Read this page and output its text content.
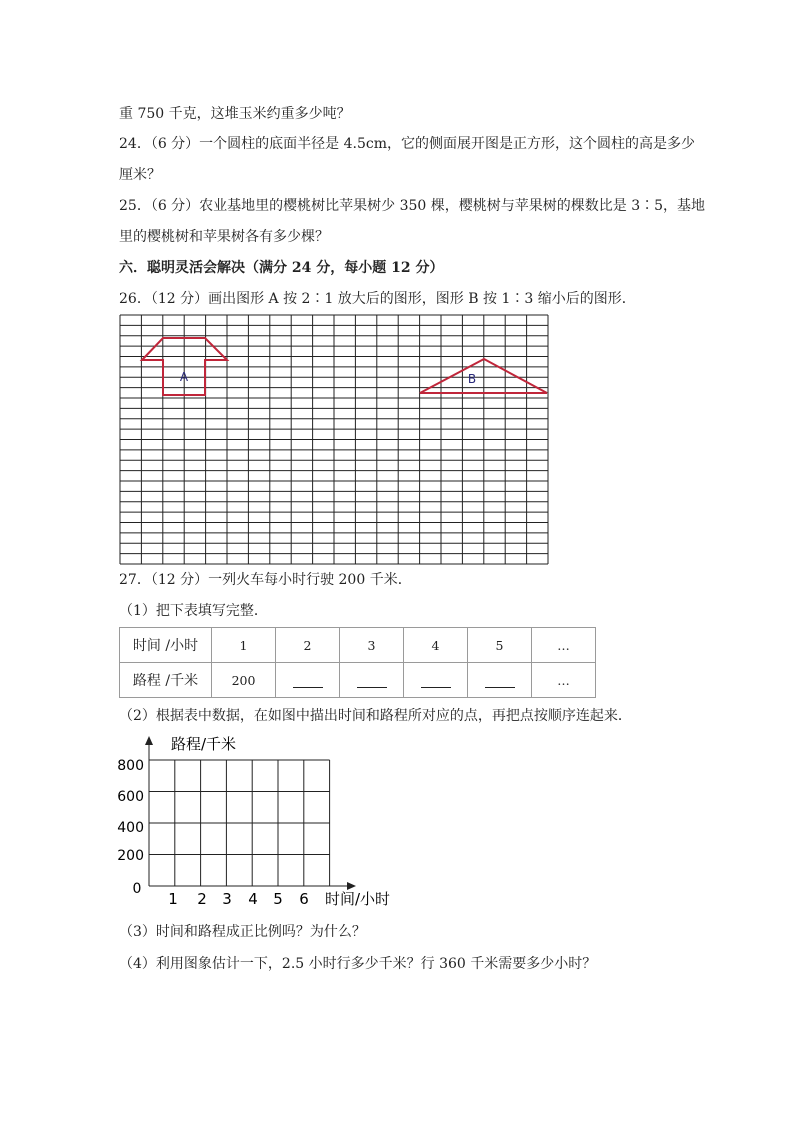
重 750 千克，这堆玉米约重多少吨？
24．（6 分）一个圆柱的底面半径是 4.5cm，它的侧面展开图是正方形，这个圆柱的高是多少
厘米？
25．（6 分）农业基地里的樱桃树比苹果树少 350 棵，樱桃树与苹果树的棵数比是 3∶5，基地
里的樱桃树和苹果树各有多少棵？
六．聪明灵活会解决（满分 24 分，每小题 12 分）
26．（12 分）画出图形 A 按 2∶1 放大后的图形，图形 B 按 1∶3 缩小后的图形．
A	B
27．（12 分）一列火车每小时行驶 200 千米．
（1）把下表填写完整．
时间 /小时	1	2	3	4	5	…
路程 /千米	200					…
（2）根据表中数据，在如图中描出时间和路程所对应的点，再把点按顺序连起来．
路程/千米
时间/小时
800
600
400
200
0
1 2 3 4 5 6
（3）时间和路程成正比例吗？为什么？
（4）利用图象估计一下，2.5 小时行多少千米？行 360 千米需要多少小时？
